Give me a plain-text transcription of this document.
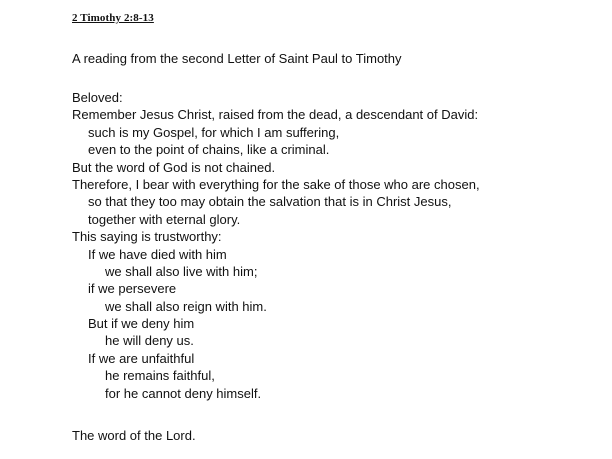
2 Timothy 2:8-13
A reading from the second Letter of Saint Paul to Timothy
Beloved:
Remember Jesus Christ, raised from the dead, a descendant of David:
such is my Gospel, for which I am suffering,
even to the point of chains, like a criminal.
But the word of God is not chained.
Therefore, I bear with everything for the sake of those who are chosen,
so that they too may obtain the salvation that is in Christ Jesus,
together with eternal glory.
This saying is trustworthy:
If we have died with him
we shall also live with him;
if we persevere
we shall also reign with him.
But if we deny him
he will deny us.
If we are unfaithful
he remains faithful,
for he cannot deny himself.
The word of the Lord.
